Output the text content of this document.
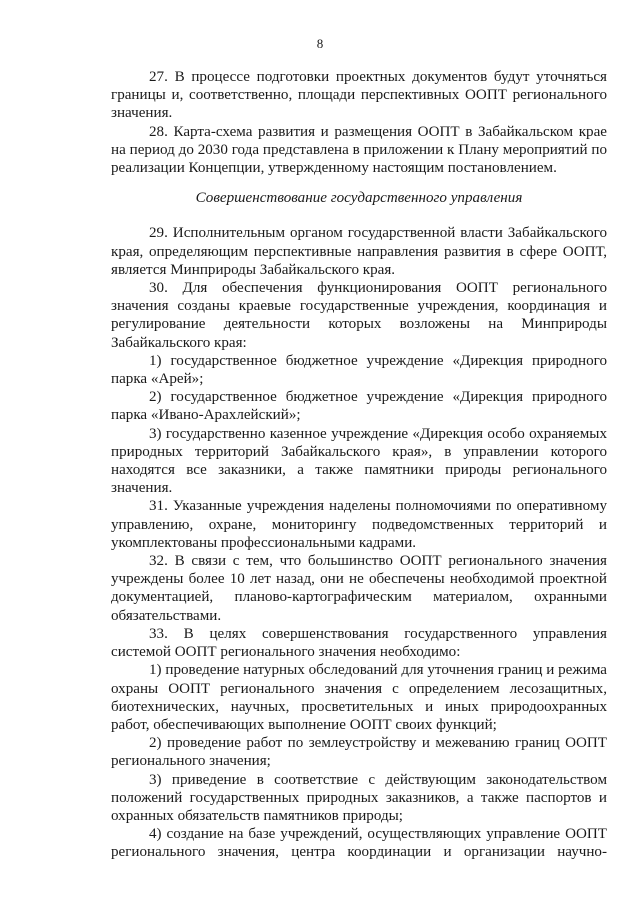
8

27. В процессе подготовки проектных документов будут уточняться границы и, соответственно, площади перспективных ООПТ регионального значения.

28. Карта-схема развития и размещения ООПТ в Забайкальском крае на период до 2030 года представлена в приложении к Плану мероприятий по реализации Концепции, утвержденному настоящим постановлением.

Совершенствование государственного управления

29. Исполнительным органом государственной власти Забайкальского края, определяющим перспективные направления развития в сфере ООПТ, является Минприроды Забайкальского края.

30. Для обеспечения функционирования ООПТ регионального значения созданы краевые государственные учреждения, координация и регулирование деятельности которых возложены на Минприроды Забайкальского края:

1) государственное бюджетное учреждение «Дирекция природного парка «Арей»;

2) государственное бюджетное учреждение «Дирекция природного парка «Ивано-Арахлейский»;

3) государственно казенное учреждение «Дирекция особо охраняемых природных территорий Забайкальского края», в управлении которого находятся все заказники, а также памятники природы регионального значения.

31. Указанные учреждения наделены полномочиями по оперативному управлению, охране, мониторингу подведомственных территорий и укомплектованы профессиональными кадрами.

32. В связи с тем, что большинство ООПТ регионального значения учреждены более 10 лет назад, они не обеспечены необходимой проектной документацией, планово-картографическим материалом, охранными обязательствами.

33. В целях совершенствования государственного управления системой ООПТ регионального значения необходимо:

1) проведение натурных обследований для уточнения границ и режима охраны ООПТ регионального значения с определением лесозащитных, биотехнических, научных, просветительных и иных природоохранных работ, обеспечивающих выполнение ООПТ своих функций;

2) проведение работ по землеустройству и межеванию границ ООПТ регионального значения;

3) приведение в соответствие с действующим законодательством положений государственных природных заказников, а также паспортов и охранных обязательств памятников природы;

4) создание на базе учреждений, осуществляющих управление ООПТ регионального значения, центра координации и организации научно-
